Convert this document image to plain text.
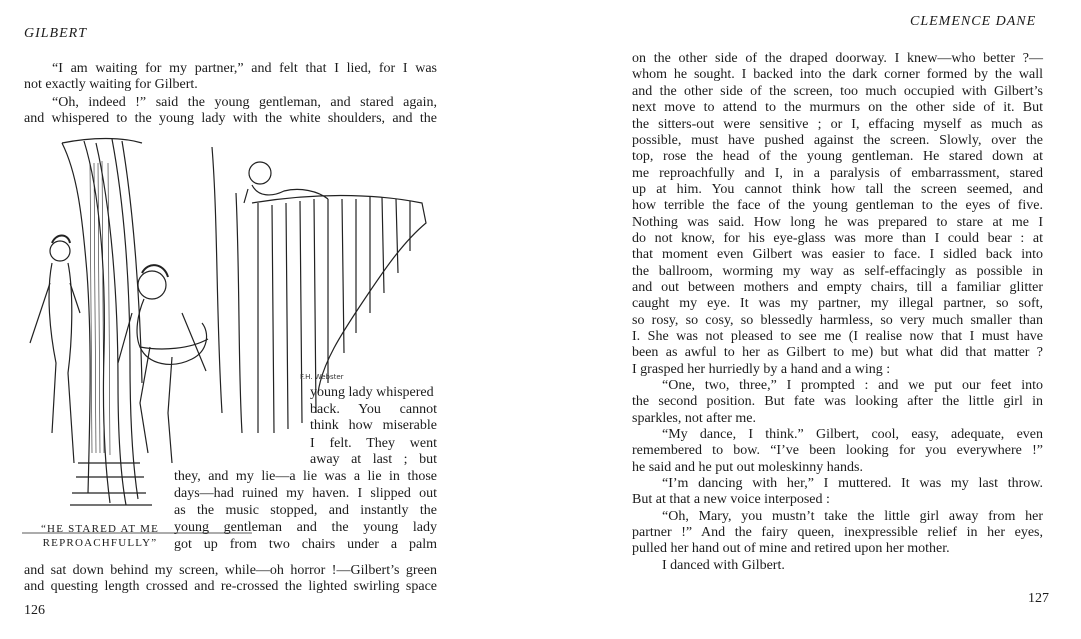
GILBERT
“I am waiting for my partner,” and felt that I lied, for I was
not exactly waiting for Gilbert.
“Oh, indeed !” said the young gentleman, and stared again,
and whispered to the young lady with the white shoulders, and the
F.H. Webster
young lady whispered
back. You cannot
think how miserable
I felt. They went
away at last ; but
they, and my lie—a lie was a lie in those
days—had ruined my haven. I slipped out
as the music stopped, and instantly the
young gentleman and the young lady
got up from two chairs under a palm
and sat down behind my screen, while—oh horror !—Gilbert’s green
and questing length crossed and re-crossed the lighted swirling space
“HE STARED AT ME
REPROACHFULLY”
126
CLEMENCE DANE
on the other side of the draped doorway. I knew—who better ?—
whom he sought. I backed into the dark corner formed by the wall
and the other side of the screen, too much occupied with Gilbert’s
next move to attend to the murmurs on the other side of it. But
the sitters-out were sensitive ; or I, effacing myself as much as
possible, must have pushed against the screen. Slowly, over the
top, rose the head of the young gentleman. He stared down at
me reproachfully and I, in a paralysis of embarrassment, stared
up at him. You cannot think how tall the screen seemed, and
how terrible the face of the young gentleman to the eyes of five.
Nothing was said. How long he was prepared to stare at me I
do not know, for his eye-glass was more than I could bear : at
that moment even Gilbert was easier to face. I sidled back into
the ballroom, worming my way as self-effacingly as possible in
and out between mothers and empty chairs, till a familiar glitter
caught my eye. It was my partner, my illegal partner, so soft,
so rosy, so cosy, so blessedly harmless, so very much smaller than
I. She was not pleased to see me (I realise now that I must have
been as awful to her as Gilbert to me) but what did that matter ?
I grasped her hurriedly by a hand and a wing :
“One, two, three,” I prompted : and we put our feet into
the second position. But fate was looking after the little girl in
sparkles, not after me.
“My dance, I think.” Gilbert, cool, easy, adequate, even
remembered to bow. “I’ve been looking for you everywhere !”
he said and he put out moleskinny hands.
“I’m dancing with her,” I muttered. It was my last throw.
But at that a new voice interposed :
“Oh, Mary, you mustn’t take the little girl away from her
partner !” And the fairy queen, inexpressible relief in her eyes,
pulled her hand out of mine and retired upon her mother.
I danced with Gilbert.
127
